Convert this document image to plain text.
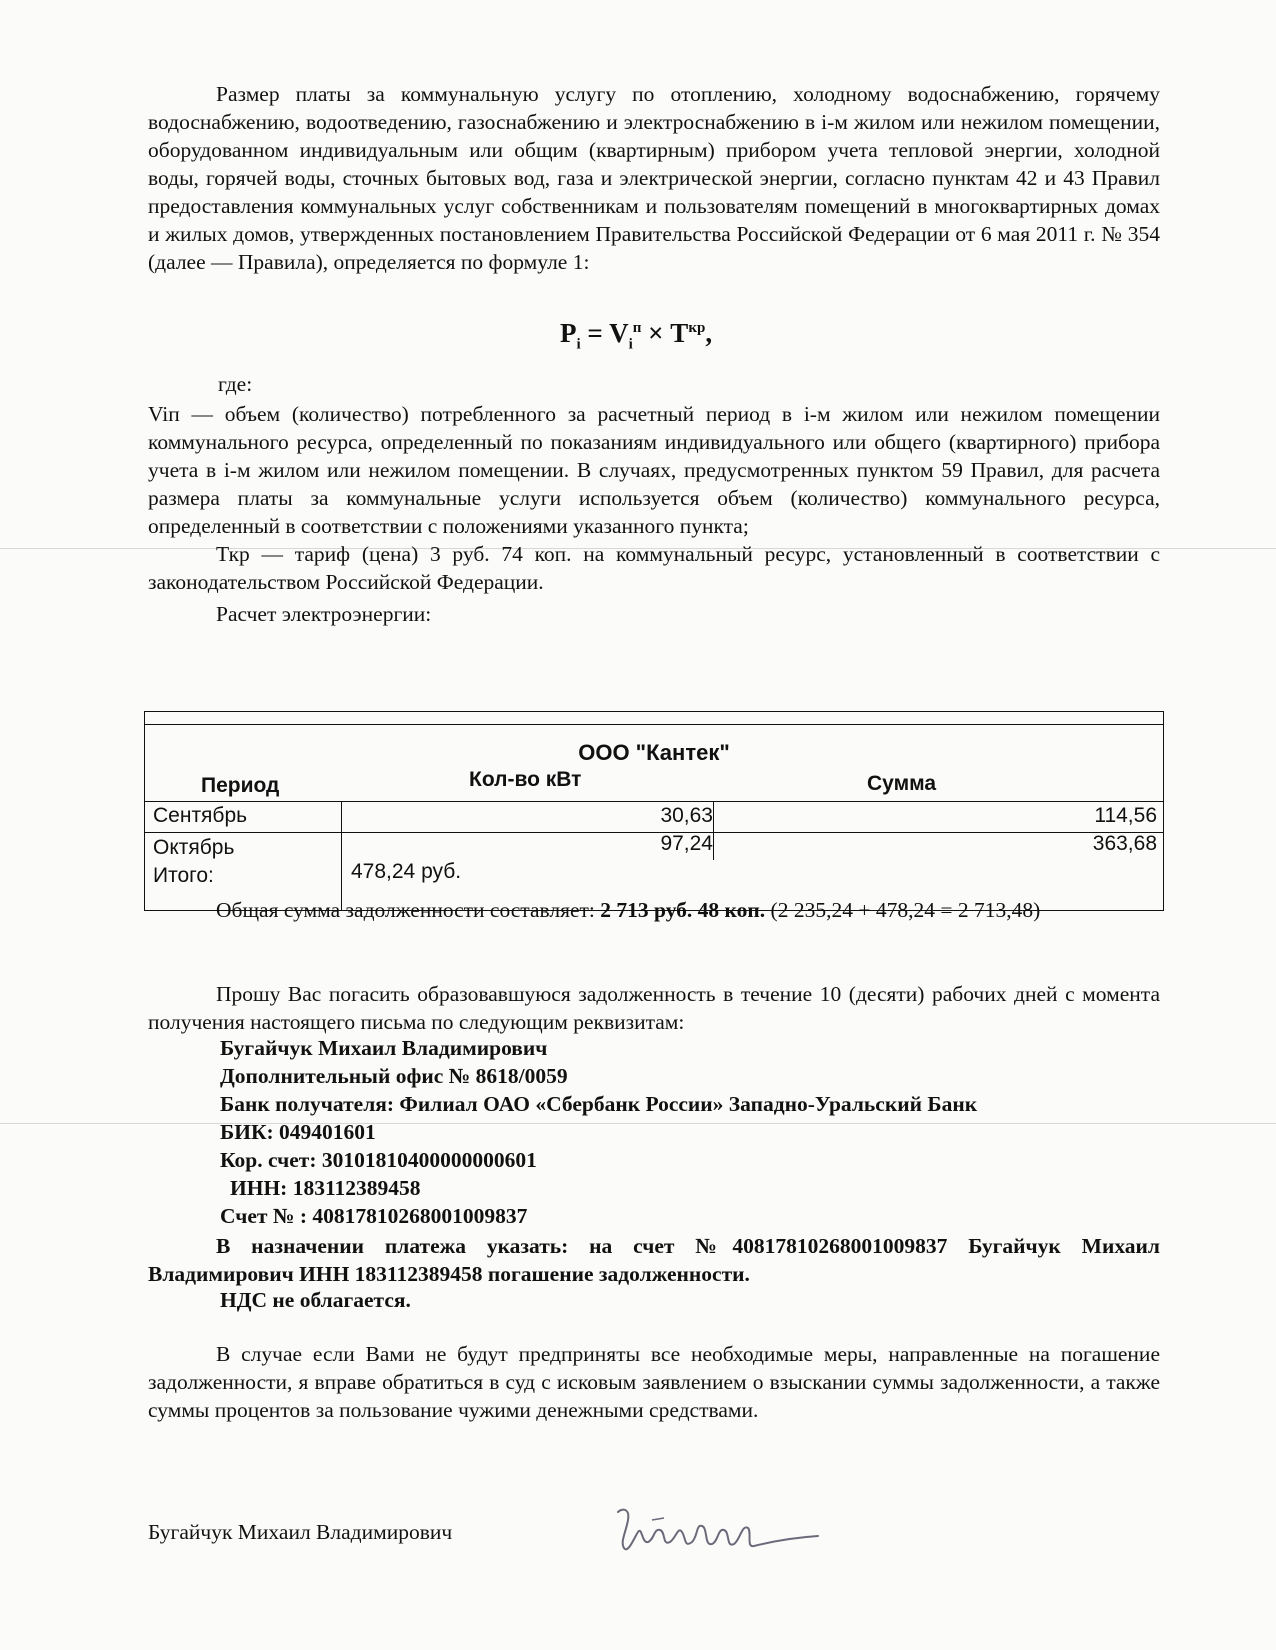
Размер платы за коммунальную услугу по отоплению, холодному водоснабжению, горячему водоснабжению, водоотведению, газоснабжению и электроснабжению в i-м жилом или нежилом помещении, оборудованном индивидуальным или общим (квартирным) прибором учета тепловой энергии, холодной воды, горячей воды, сточных бытовых вод, газа и электрической энергии, согласно пунктам 42 и 43 Правил предоставления коммунальных услуг собственникам и пользователям помещений в многоквартирных домах и жилых домов, утвержденных постановлением Правительства Российской Федерации от 6 мая 2011 г. № 354 (далее — Правила), определяется по формуле 1:
$P_i = V_i^п \times T^{кр}$,
где:

Viп — объем (количество) потребленного за расчетный период в i-м жилом или нежилом помещении коммунального ресурса, определенный по показаниям индивидуального или общего (квартирного) прибора учета в i-м жилом или нежилом помещении. В случаях, предусмотренных пунктом 59 Правил, для расчета размера платы за коммунальные услуги используется объем (количество) коммунального ресурса, определенный в соответствии с положениями указанного пункта;
Ткр — тариф (цена) 3 руб. 74 коп. на коммунальный ресурс, установленный в соответствии с законодательством Российской Федерации.
Расчет электроэнергии:
ООО "Кантек"
Период	Кол-во кВт	Сумма
Сентябрь	30,63	114,56
Октябрь	97,24	363,68
Итого:	478,24 руб.
Общая сумма задолженности составляет: 2 713 руб. 48 коп. (2 235,24 + 478,24 = 2 713,48)
Прошу Вас погасить образовавшуюся задолженность в течение 10 (десяти) рабочих дней с момента получения настоящего письма по следующим реквизитам:
Бугайчук Михаил Владимирович
Дополнительный офис № 8618/0059
Банк получателя: Филиал ОАО «Сбербанк России» Западно-Уральский Банк
БИК: 049401601
Кор. счет: 30101810400000000601
ИНН: 183112389458
Счет № : 40817810268001009837
В назначении платежа указать: на счет №40817810268001009837 Бугайчук Михаил Владимирович ИНН 183112389458 погашение задолженности.
НДС не облагается.
В случае если Вами не будут предприняты все необходимые меры, направленные на погашение задолженности, я вправе обратиться в суд с исковым заявлением о взыскании суммы задолженности, а также суммы процентов за пользование чужими денежными средствами.
Бугайчук Михаил Владимирович
